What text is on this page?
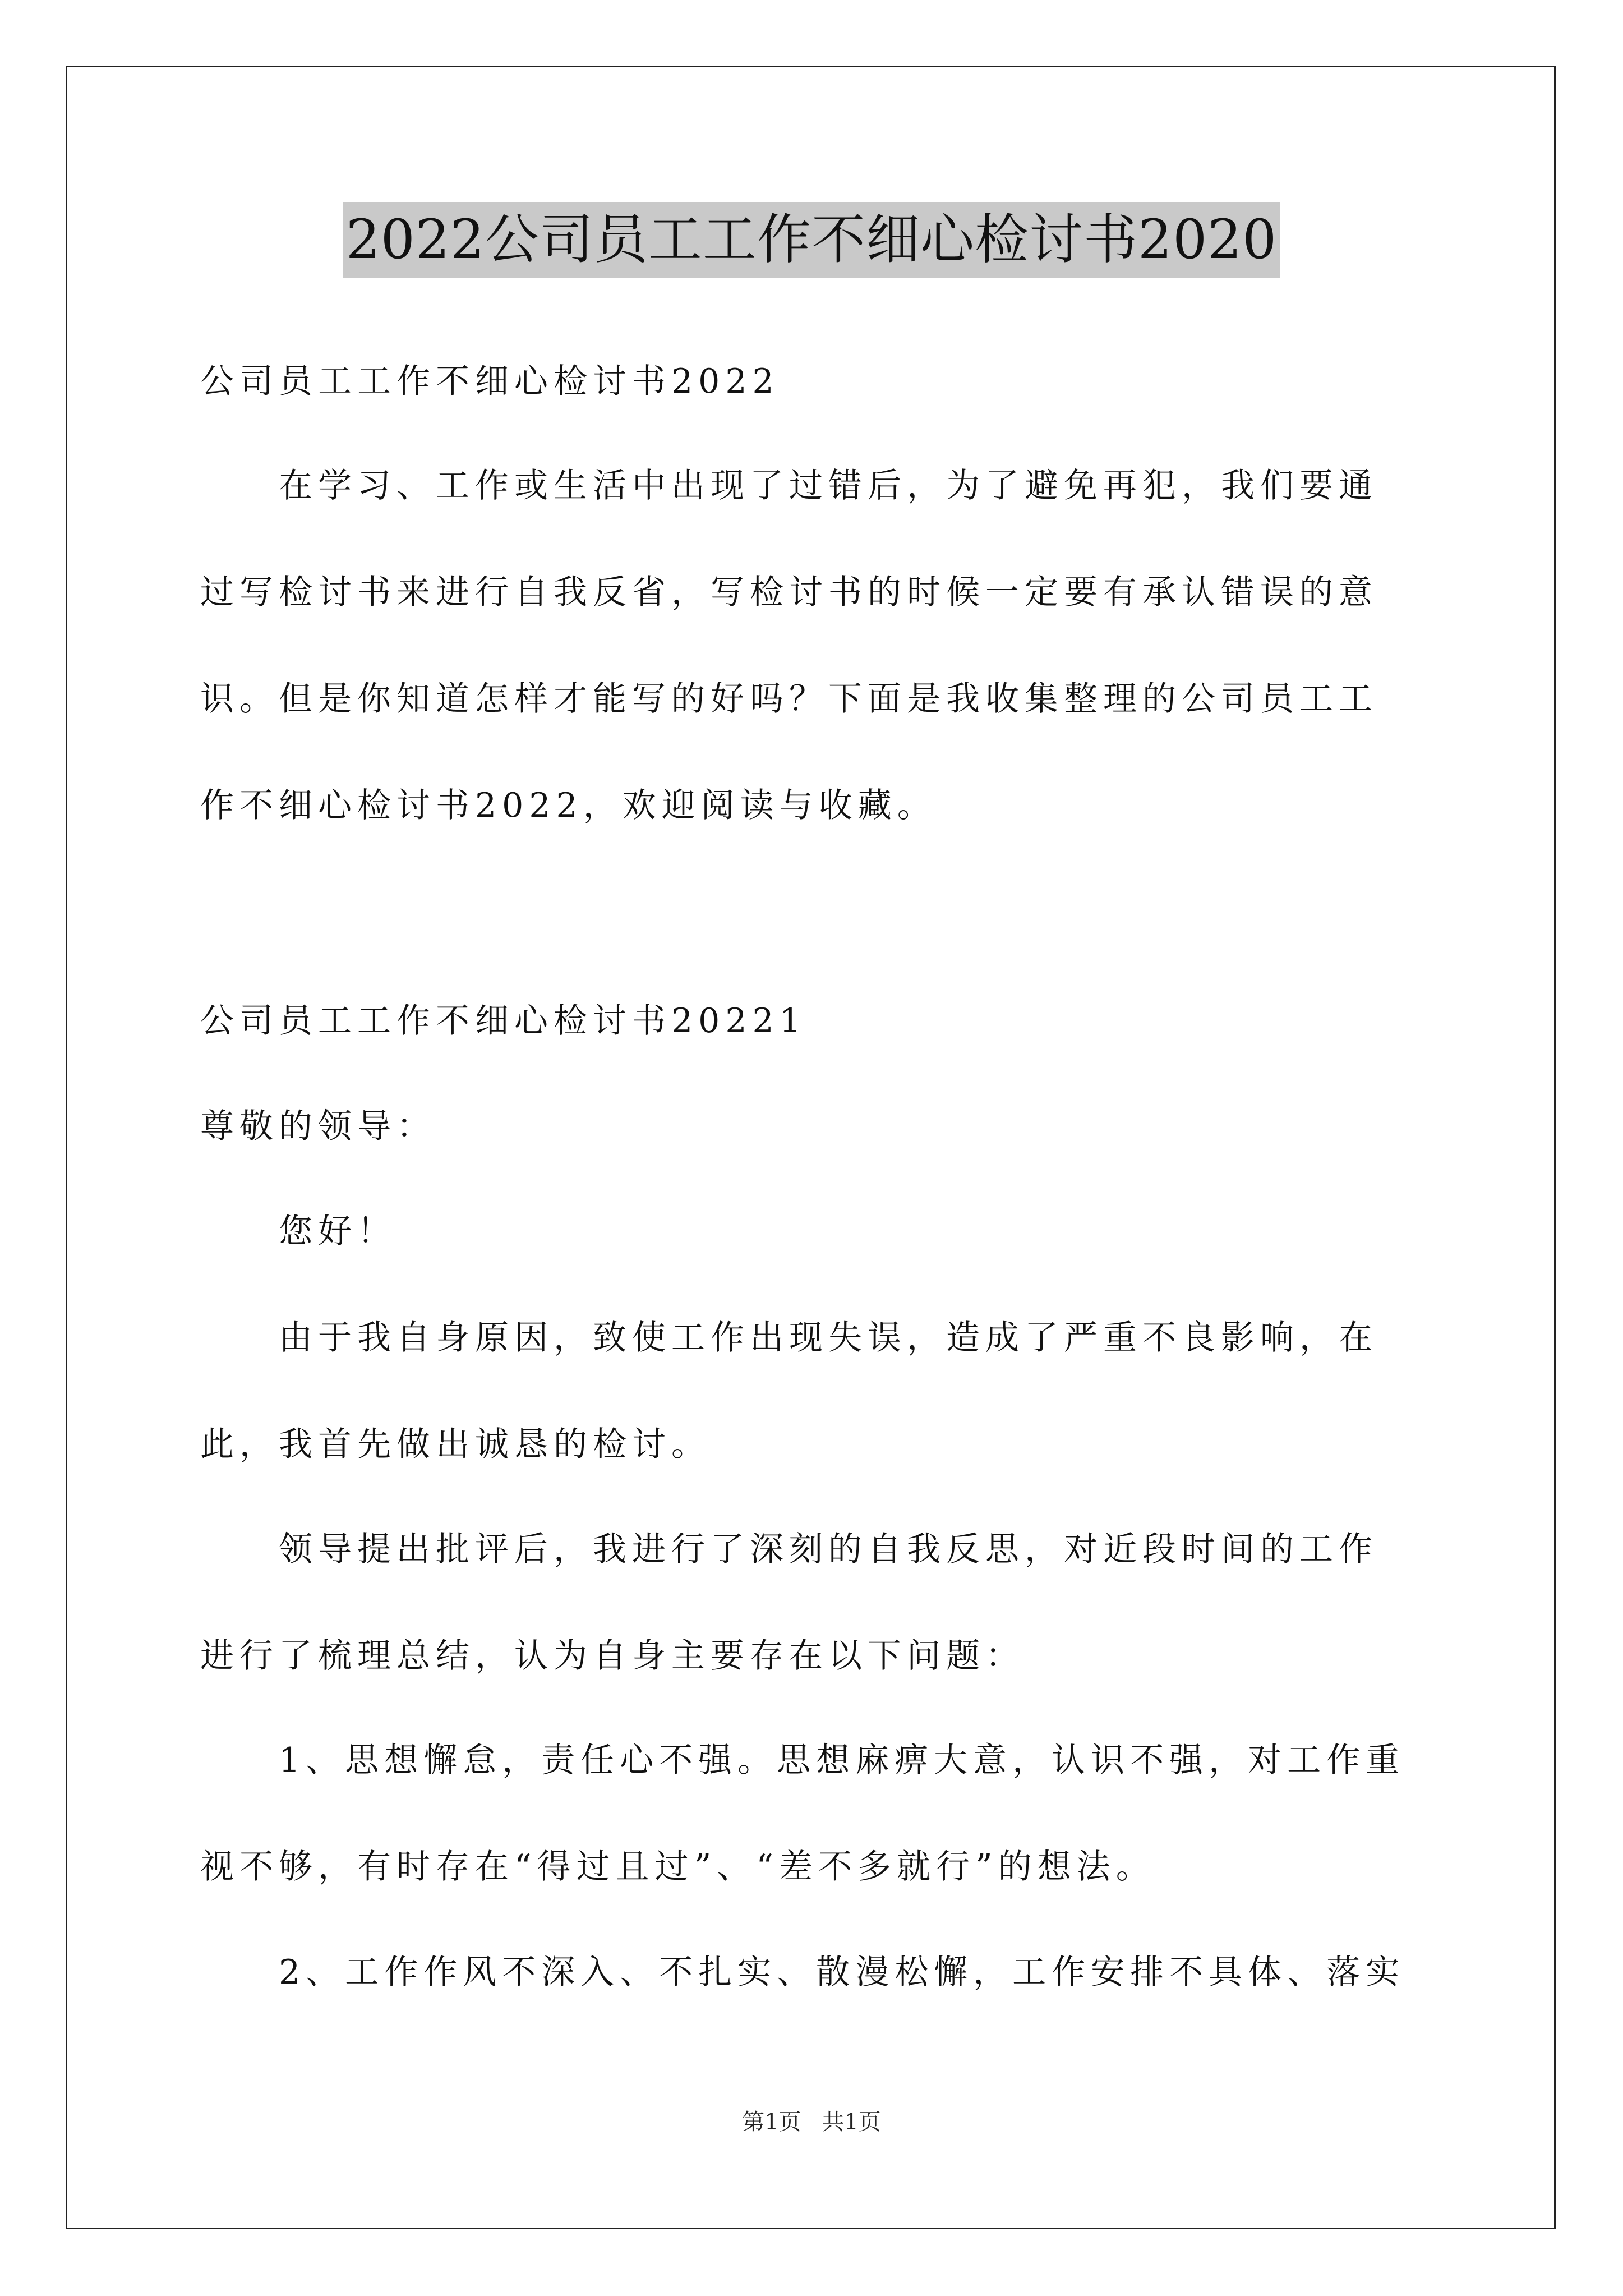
2022公司员工工作不细心检讨书2020
公司员工工作不细心检讨书2022
在学习、工作或生活中出现了过错后，为了避免再犯，我们要通
过写检讨书来进行自我反省，写检讨书的时候一定要有承认错误的意
识。但是你知道怎样才能写的好吗？下面是我收集整理的公司员工工
作不细心检讨书2022，欢迎阅读与收藏。
公司员工工作不细心检讨书20221
尊敬的领导：
您好！
由于我自身原因，致使工作出现失误，造成了严重不良影响，在
此，我首先做出诚恳的检讨。
领导提出批评后，我进行了深刻的自我反思，对近段时间的工作
进行了梳理总结，认为自身主要存在以下问题：
1、思想懈怠，责任心不强。思想麻痹大意，认识不强，对工作重
视不够，有时存在“得过且过”、“差不多就行”的想法。
2、工作作风不深入、不扎实、散漫松懈，工作安排不具体、落实
第1页 共1页
